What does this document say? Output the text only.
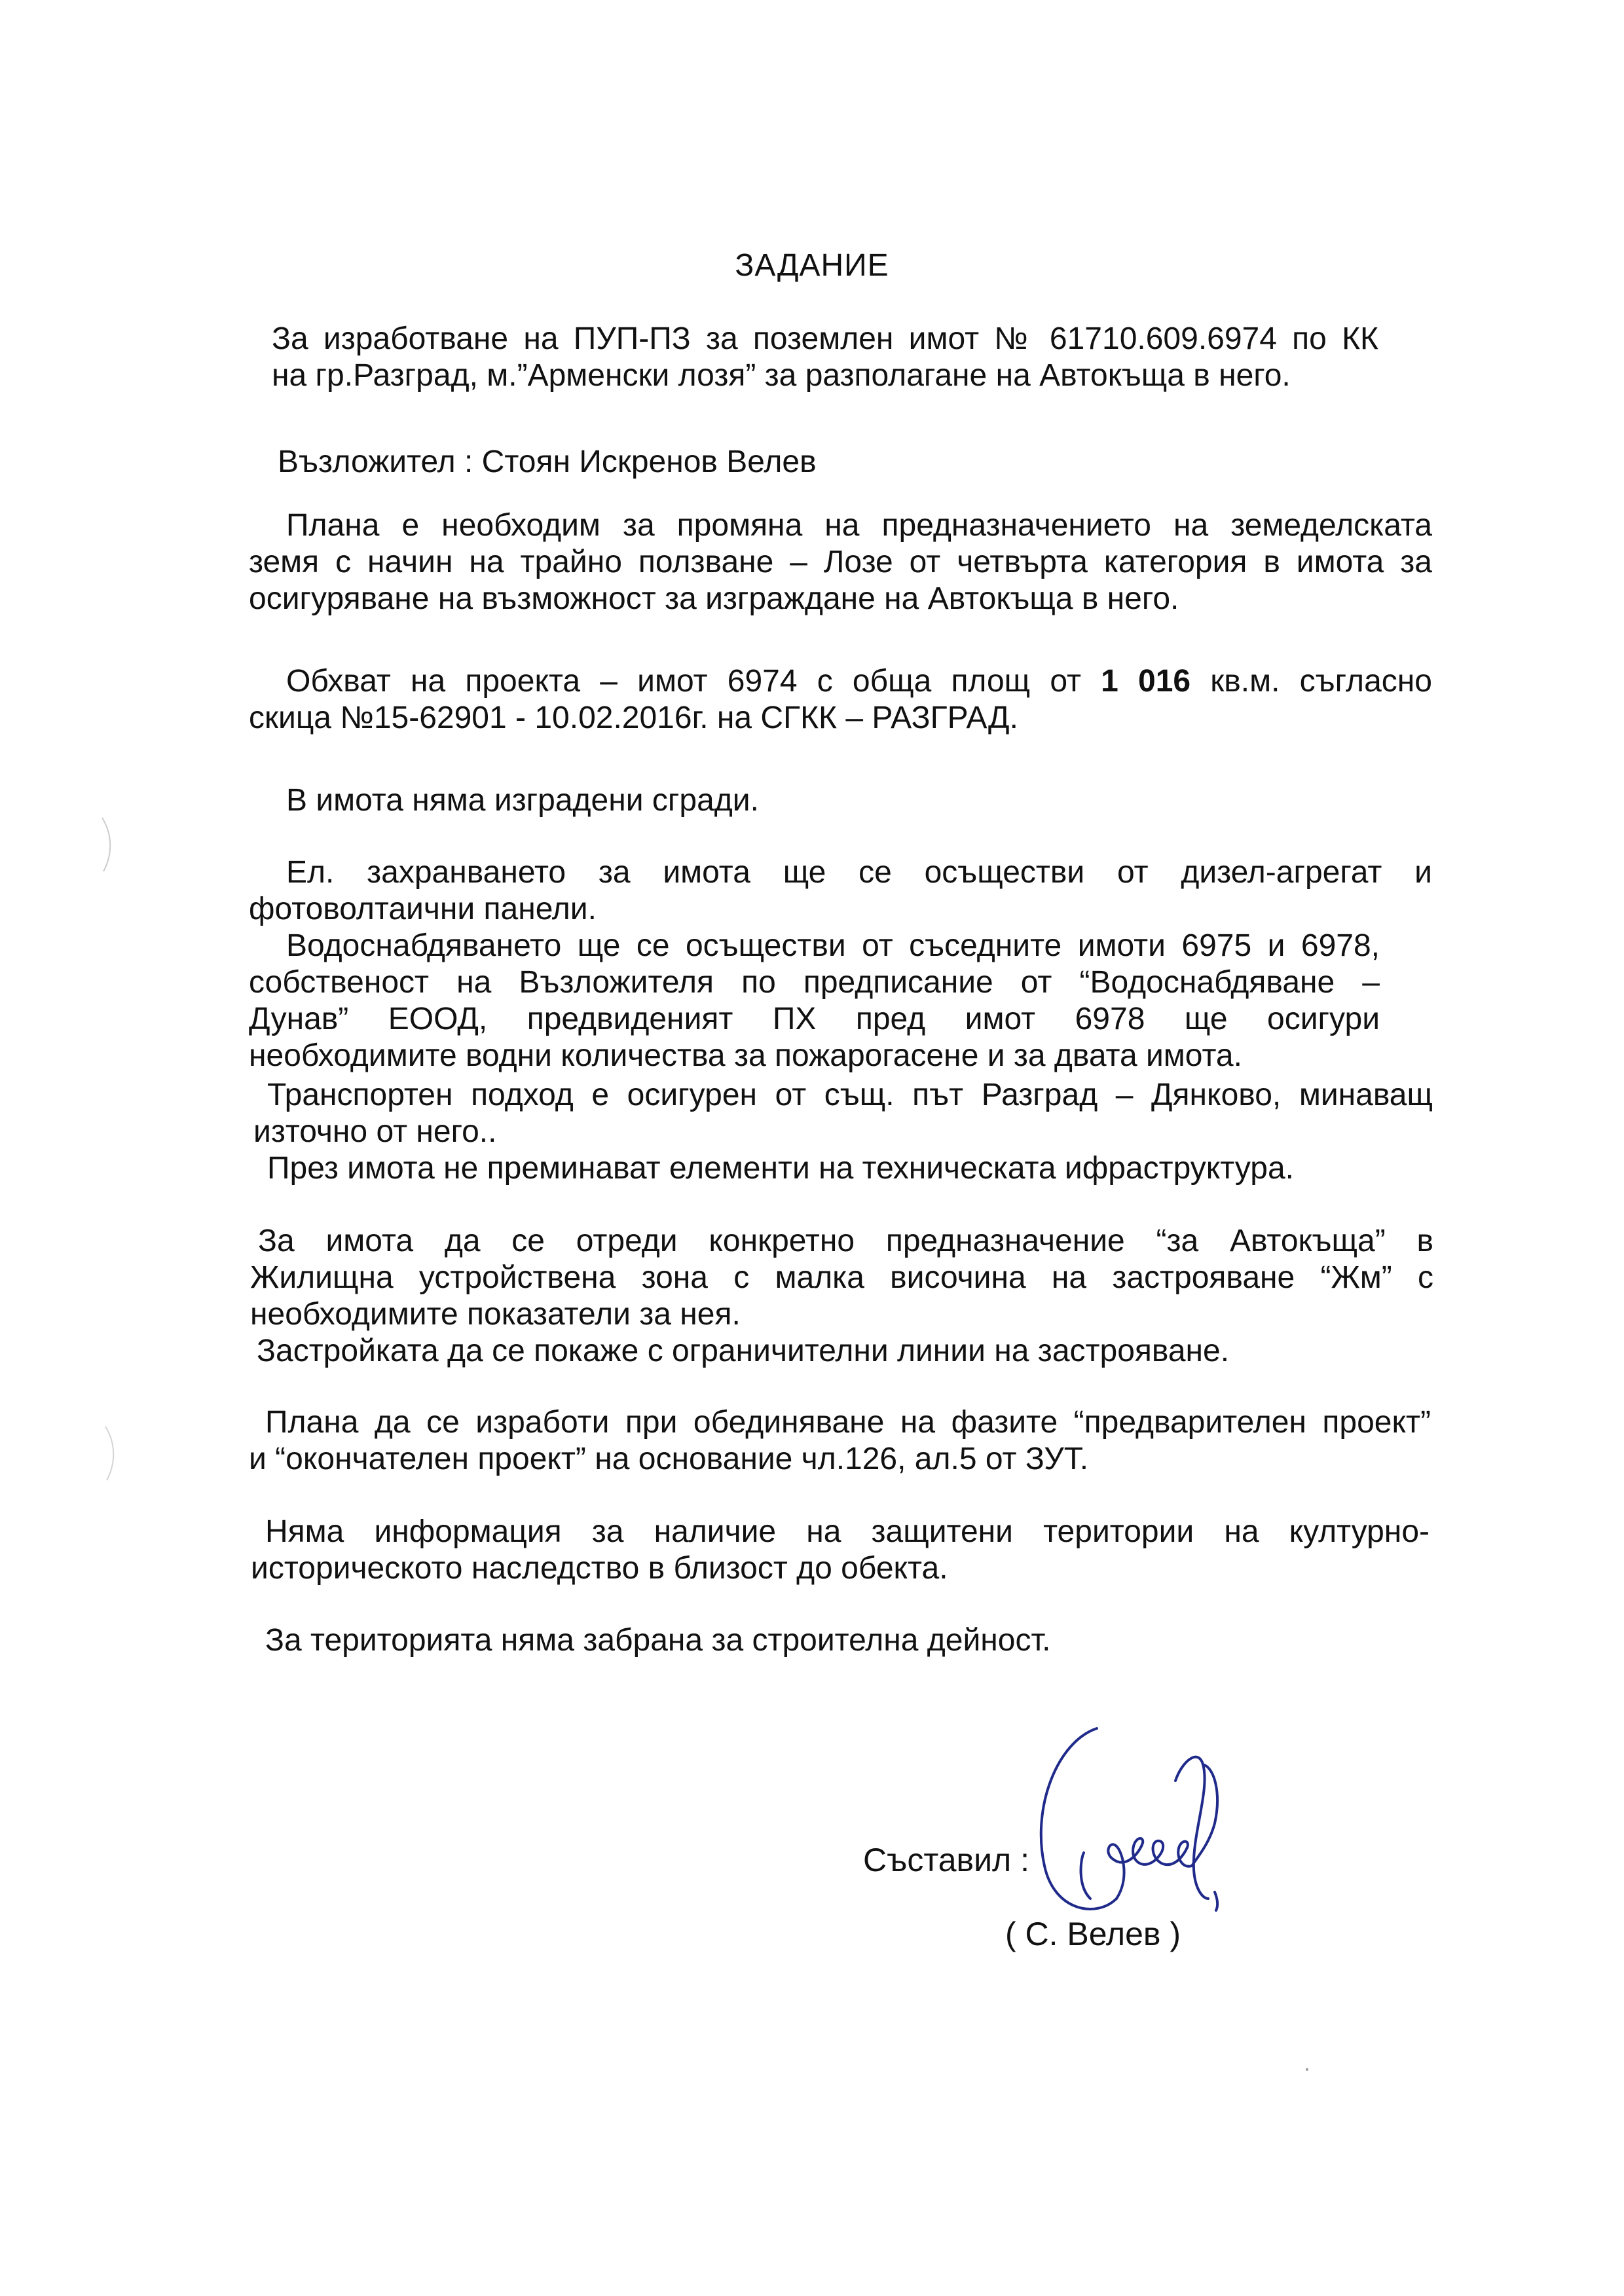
ЗАДАНИЕ
За изработване на ПУП-ПЗ за поземлен имот № 61710.609.6974 по КК
на гр.Разград, м.”Арменски лозя” за разполагане на Автокъща в него.
Възложител : Стоян Искренов Велев
Плана е необходим за промяна на предназначението на земеделската
земя с начин на трайно ползване – Лозе от четвърта категория в имота за
осигуряване на възможност за изграждане на Автокъща в него.
Обхват на проекта – имот 6974 с обща площ от 1 016 кв.м. съгласно
скица №15-62901 - 10.02.2016г. на СГКК – РАЗГРАД.
В имота няма изградени сгради.
Ел. захранването за имота ще се осъществи от дизел-агрегат и
фотоволтаични панели.
Водоснабдяването ще се осъществи от съседните имоти 6975 и 6978,
собственост на Възложителя по предписание от “Водоснабдяване –
Дунав” ЕООД, предвиденият ПХ пред имот 6978 ще осигури
необходимите водни количества за пожарогасене и за двата имота.
Транспортен подход е осигурен от същ. път Разград – Дянково, минаващ
източно от него..
През имота не преминават елементи на техническата ифраструктура.
За имота да се отреди конкретно предназначение “за Автокъща” в
Жилищна устройствена зона с малка височина на застрояване “Жм” с
необходимите показатели за нея.
Застройката да се покаже с ограничителни линии на застрояване.
Плана да се изработи при обединяване на фазите “предварителен проект”
и “окончателен проект” на основание чл.126, ал.5 от ЗУТ.
Няма информация за наличие на защитени територии на културно-
историческото наследство в близост до обекта.
За територията няма забрана за строителна дейност.
Съставил :
( С. Велев )
